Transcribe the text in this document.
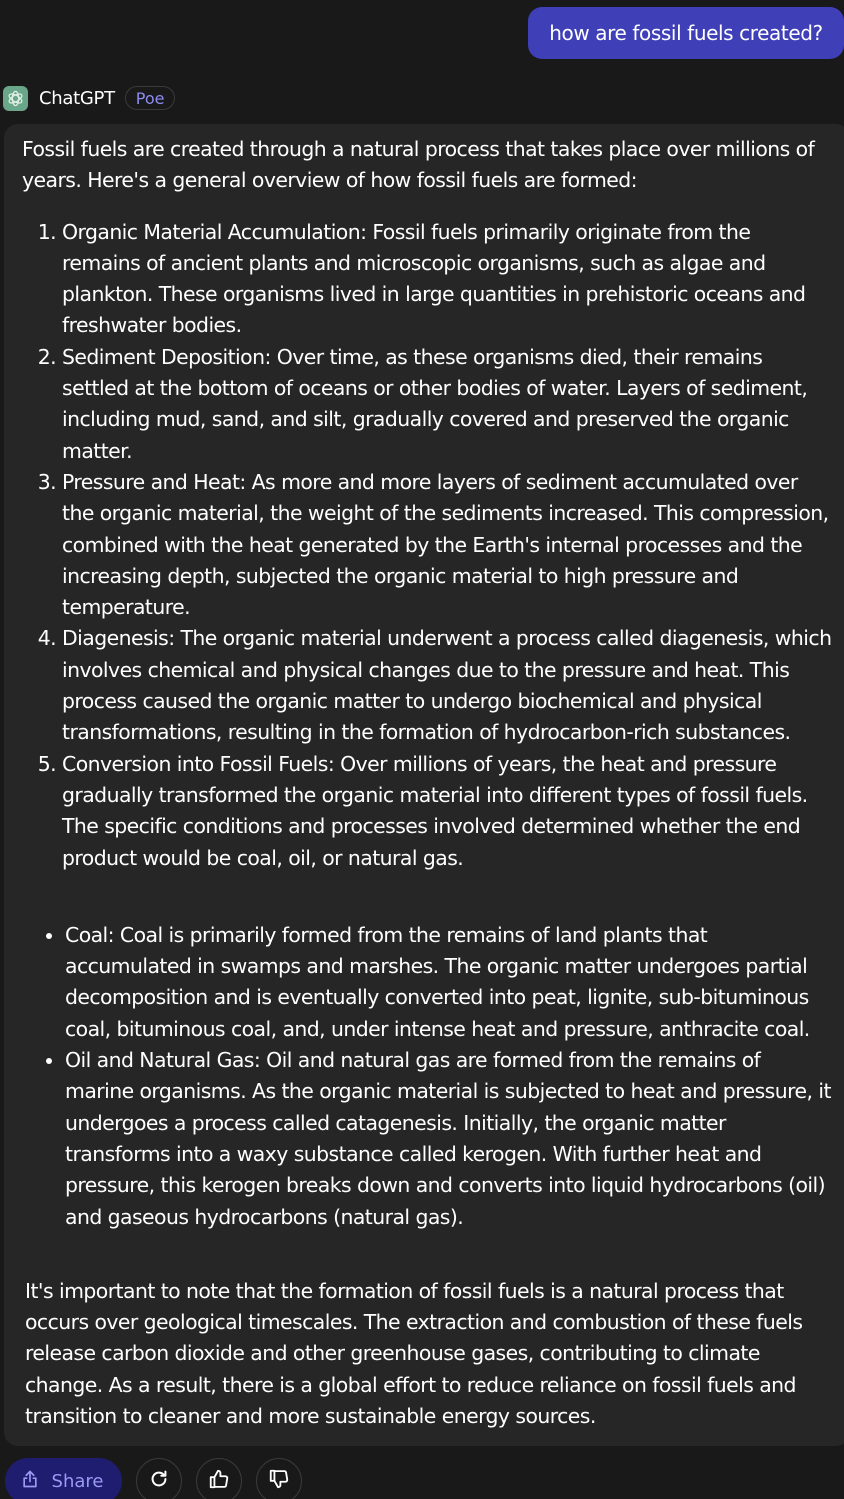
how are fossil fuels created?
ChatGPT	Poe

Fossil fuels are created through a natural process that takes place over millions of years. Here's a general overview of how fossil fuels are formed:

1. Organic Material Accumulation: Fossil fuels primarily originate from the remains of ancient plants and microscopic organisms, such as algae and plankton. These organisms lived in large quantities in prehistoric oceans and freshwater bodies.
2. Sediment Deposition: Over time, as these organisms died, their remains settled at the bottom of oceans or other bodies of water. Layers of sediment, including mud, sand, and silt, gradually covered and preserved the organic matter.
3. Pressure and Heat: As more and more layers of sediment accumulated over the organic material, the weight of the sediments increased. This compression, combined with the heat generated by the Earth's internal processes and the increasing depth, subjected the organic material to high pressure and temperature.
4. Diagenesis: The organic material underwent a process called diagenesis, which involves chemical and physical changes due to the pressure and heat. This process caused the organic matter to undergo biochemical and physical transformations, resulting in the formation of hydrocarbon-rich substances.
5. Conversion into Fossil Fuels: Over millions of years, the heat and pressure gradually transformed the organic material into different types of fossil fuels. The specific conditions and processes involved determined whether the end product would be coal, oil, or natural gas.
• Coal: Coal is primarily formed from the remains of land plants that accumulated in swamps and marshes. The organic matter undergoes partial decomposition and is eventually converted into peat, lignite, sub-bituminous coal, bituminous coal, and, under intense heat and pressure, anthracite coal.
• Oil and Natural Gas: Oil and natural gas are formed from the remains of marine organisms. As the organic material is subjected to heat and pressure, it undergoes a process called catagenesis. Initially, the organic matter transforms into a waxy substance called kerogen. With further heat and pressure, this kerogen breaks down and converts into liquid hydrocarbons (oil) and gaseous hydrocarbons (natural gas).

It's important to note that the formation of fossil fuels is a natural process that occurs over geological timescales. The extraction and combustion of these fuels release carbon dioxide and other greenhouse gases, contributing to climate change. As a result, there is a global effort to reduce reliance on fossil fuels and transition to cleaner and more sustainable energy sources.

Share
